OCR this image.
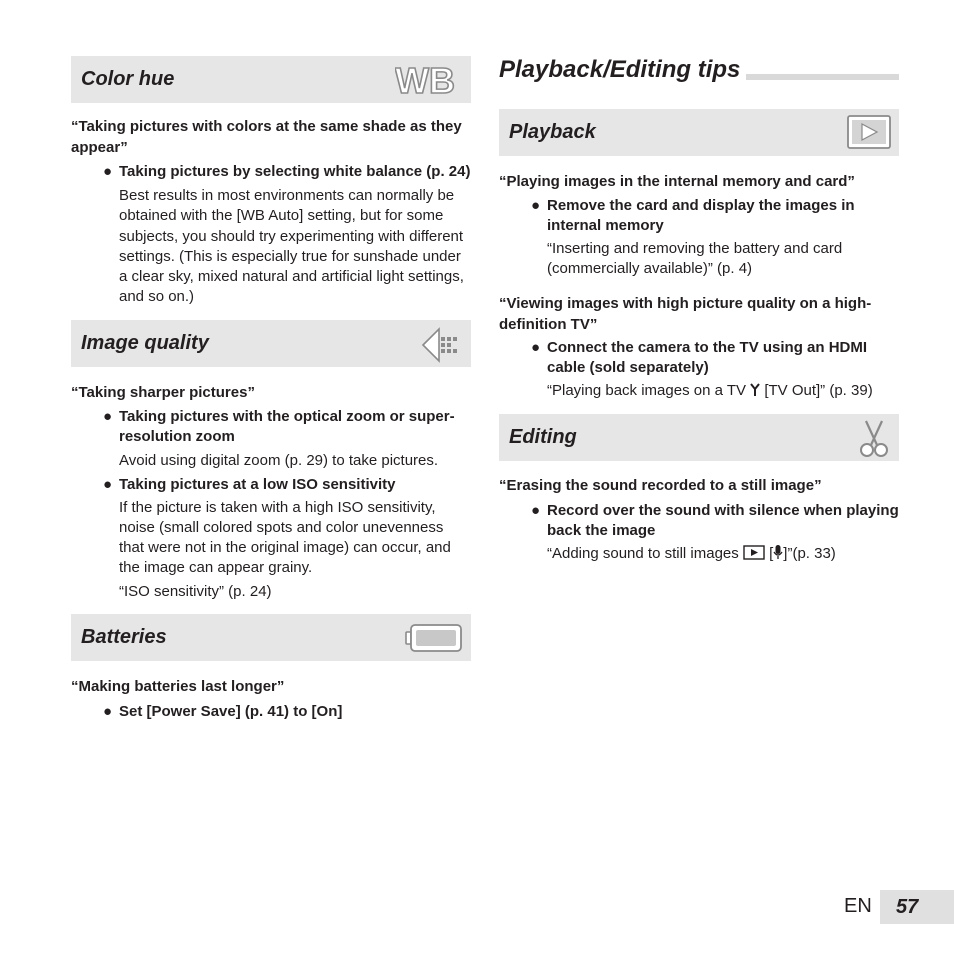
Color hue	WB

“Taking pictures with colors at the same shade as they appear”

● Taking pictures by selecting white balance (p. 24)

Best results in most environments can normally be obtained with the [WB Auto] setting, but for some subjects, you should try experimenting with different settings. (This is especially true for sunshade under a clear sky, mixed natural and artificial light settings, and so on.)

Image quality

“Taking sharper pictures”

● Taking pictures with the optical zoom or super-resolution zoom

Avoid using digital zoom (p. 29) to take pictures.

● Taking pictures at a low ISO sensitivity

If the picture is taken with a high ISO sensitivity, noise (small colored spots and color unevenness that were not in the original image) can occur, and the image can appear grainy.

“ISO sensitivity” (p. 24)

Batteries

“Making batteries last longer”

● Set [Power Save] (p. 41) to [On]

Playback/Editing tips
Playback

“Playing images in the internal memory and card”

● Remove the card and display the images in internal memory

“Inserting and removing the battery and card (commercially available)” (p. 4)

“Viewing images with high picture quality on a high-definition TV”

● Connect the camera to the TV using an HDMI cable (sold separately)

“Playing back images on a TV  [TV Out]” (p. 39)

Editing

“Erasing the sound recorded to a still image”

● Record over the sound with silence when playing back the image

“Adding sound to still images  [ ]”(p. 33)

EN	57
